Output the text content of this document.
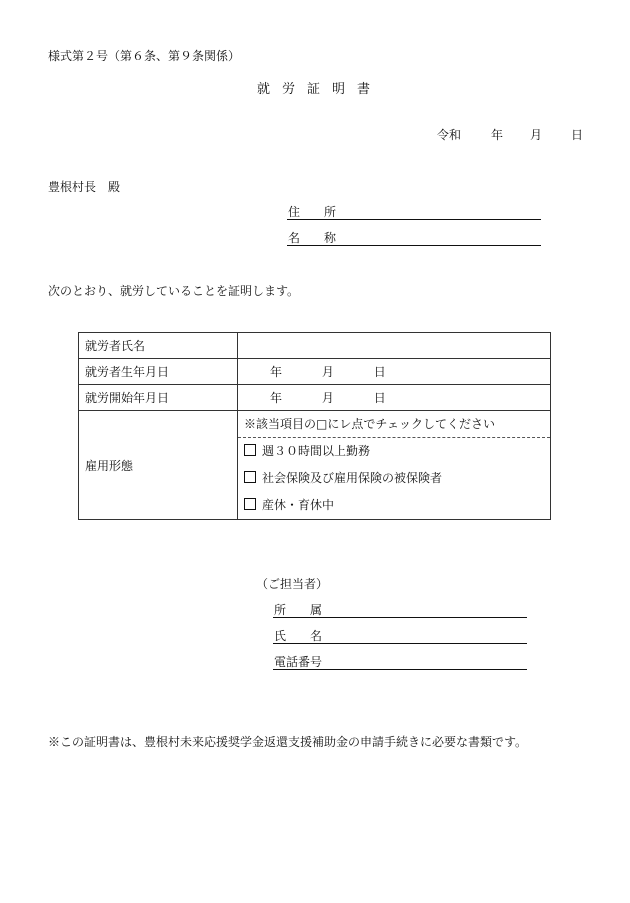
様式第２号（第６条、第９条関係）
就労証明書
令和 年 月 日
豊根村長　殿
住　　所
名　　称
次のとおり、就労していることを証明します。
就労者氏名	
就労者生年月日	年 月 日
就労開始年月日	年 月 日
雇用形態	※該当項目の□にレ点でチェックしてください
週３０時間以上勤務
社会保険及び雇用保険の被保険者
産休・育休中
（ご担当者）
所　　属
氏　　名
電話番号
※この証明書は、豊根村未来応援奨学金返還支援補助金の申請手続きに必要な書類です。
